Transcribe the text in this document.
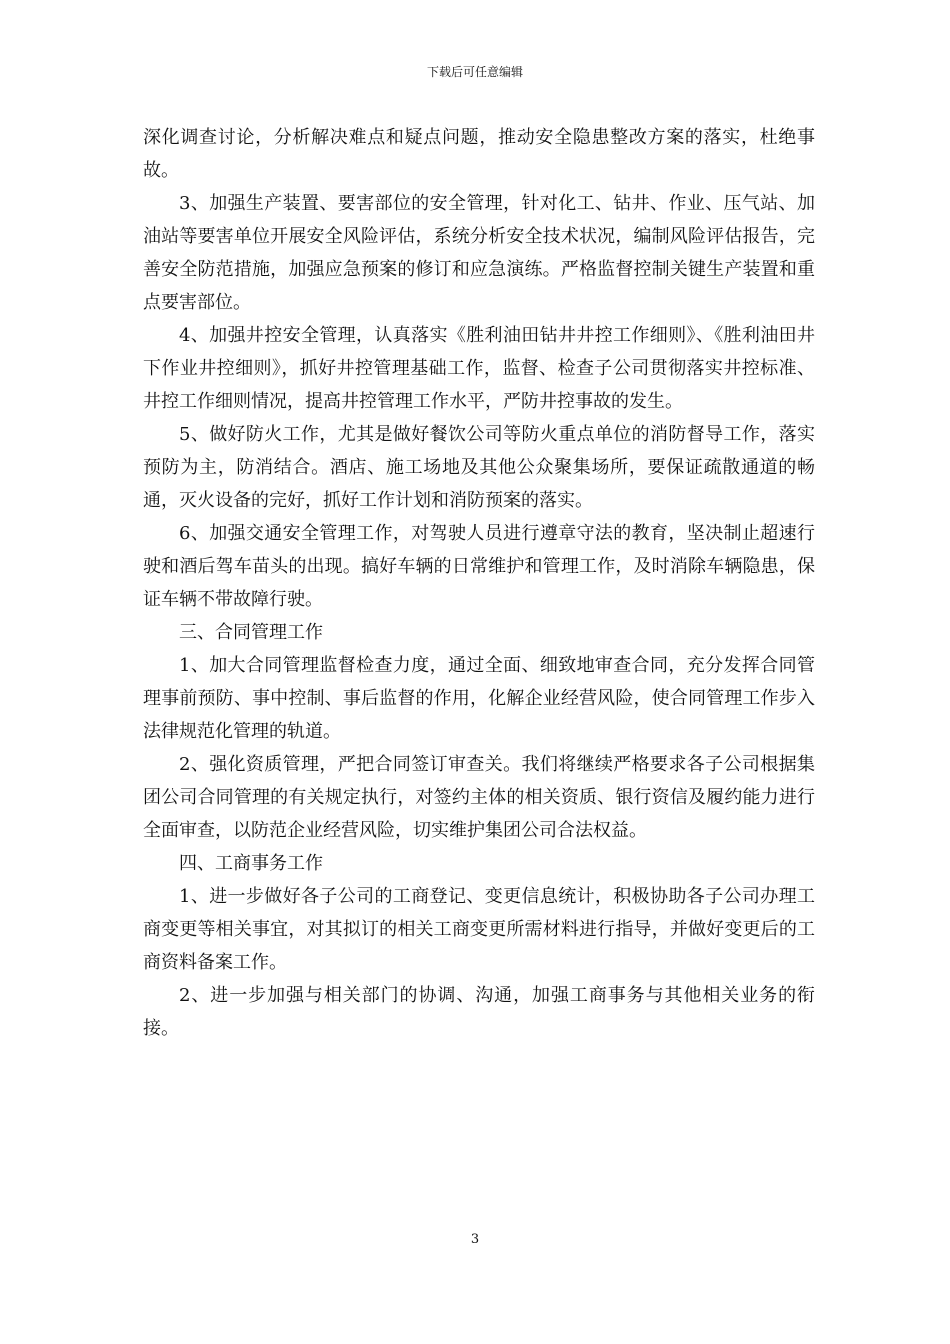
下载后可任意编辑

深化调查讨论，分析解决难点和疑点问题，推动安全隐患整改方案的落实，杜绝事故。

3、加强生产装置、要害部位的安全管理，针对化工、钻井、作业、压气站、加油站等要害单位开展安全风险评估，系统分析安全技术状况，编制风险评估报告，完善安全防范措施，加强应急预案的修订和应急演练。严格监督控制关键生产装置和重点要害部位。

4、加强井控安全管理，认真落实《胜利油田钻井井控工作细则》、《胜利油田井下作业井控细则》，抓好井控管理基础工作，监督、检查子公司贯彻落实井控标准、井控工作细则情况，提高井控管理工作水平，严防井控事故的发生。

5、做好防火工作，尤其是做好餐饮公司等防火重点单位的消防督导工作，落实预防为主，防消结合。酒店、施工场地及其他公众聚集场所，要保证疏散通道的畅通，灭火设备的完好，抓好工作计划和消防预案的落实。

6、加强交通安全管理工作，对驾驶人员进行遵章守法的教育，坚决制止超速行驶和酒后驾车苗头的出现。搞好车辆的日常维护和管理工作，及时消除车辆隐患，保证车辆不带故障行驶。

三、合同管理工作

1、加大合同管理监督检查力度，通过全面、细致地审查合同，充分发挥合同管理事前预防、事中控制、事后监督的作用，化解企业经营风险，使合同管理工作步入法律规范化管理的轨道。

2、强化资质管理，严把合同签订审查关。我们将继续严格要求各子公司根据集团公司合同管理的有关规定执行，对签约主体的相关资质、银行资信及履约能力进行全面审查，以防范企业经营风险，切实维护集团公司合法权益。

四、工商事务工作

1、进一步做好各子公司的工商登记、变更信息统计，积极协助各子公司办理工商变更等相关事宜，对其拟订的相关工商变更所需材料进行指导，并做好变更后的工商资料备案工作。

2、进一步加强与相关部门的协调、沟通，加强工商事务与其他相关业务的衔接。

3
